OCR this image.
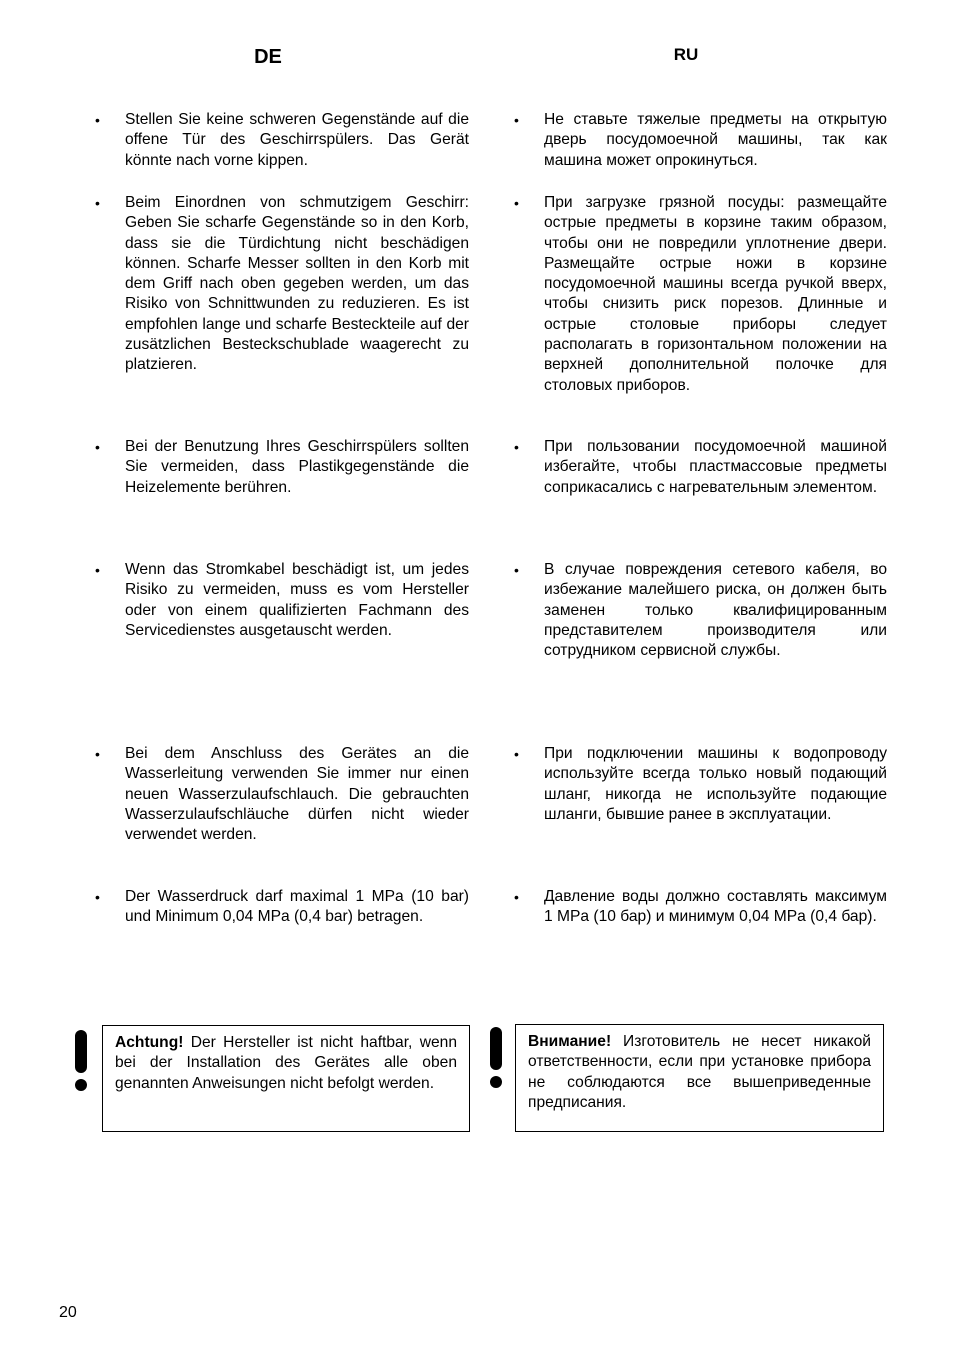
DE	RU
• Stellen Sie keine schweren Gegenstände auf die offene Tür des Geschirrspülers. Das Gerät könnte nach vorne kippen.
• Не ставьте тяжелые предметы на открытую дверь посудомоечной машины, так как машина может опрокинуться.
• Beim Einordnen von schmutzigem Geschirr: Geben Sie scharfe Gegenstände so in den Korb, dass sie die Türdichtung nicht beschädigen können. Scharfe Messer sollten in den Korb mit dem Griff nach oben gegeben werden, um das Risiko von Schnittwunden zu reduzieren. Es ist empfohlen lange und scharfe Besteckteile auf der zusätzlichen Besteckschublade waagerecht zu platzieren.
• При загрузке грязной посуды: размещайте острые предметы в корзине таким образом, чтобы они не повредили уплотнение двери. Размещайте острые ножи в корзине посудомоечной машины всегда ручкой вверх, чтобы снизить риск порезов. Длинные и острые столовые приборы следует располагать в горизонтальном положении на верхней дополнительной полочке для столовых приборов.
• Bei der Benutzung Ihres Geschirrspülers sollten Sie vermeiden, dass Plastikgegenstände die Heizelemente berühren.
• При пользовании посудомоечной машиной избегайте, чтобы пластмассовые предметы соприкасались с нагревательным элементом.
• Wenn das Stromkabel beschädigt ist, um jedes Risiko zu vermeiden, muss es vom Hersteller oder von einem qualifizierten Fachmann des Servicedienstes ausgetauscht werden.
• В случае повреждения сетевого кабеля, во избежание малейшего риска, он должен быть заменен только квалифицированным представителем производителя или сотрудником сервисной службы.
• Bei dem Anschluss des Gerätes an die Wasserleitung verwenden Sie immer nur einen neuen Wasserzulaufschlauch. Die gebrauchten Wasserzulaufschläuche dürfen nicht wieder verwendet werden.
• При подключении машины к водопроводу используйте всегда только новый подающий шланг, никогда не используйте подающие шланги, бывшие ранее в эксплуатации.
• Der Wasserdruck darf maximal 1 MPa (10 bar) und Minimum 0,04 MPa (0,4 bar) betragen.
• Давление воды должно составлять максимум 1 MPa (10 бар) и минимум 0,04 MPa (0,4 бар).
Achtung! Der Hersteller ist nicht haftbar, wenn bei der Installation des Gerätes alle oben genannten Anweisungen nicht befolgt werden.
Внимание! Изготовитель не несет никакой ответственности, если при установке прибора не соблюдаются все вышеприведенные предписания.
20
